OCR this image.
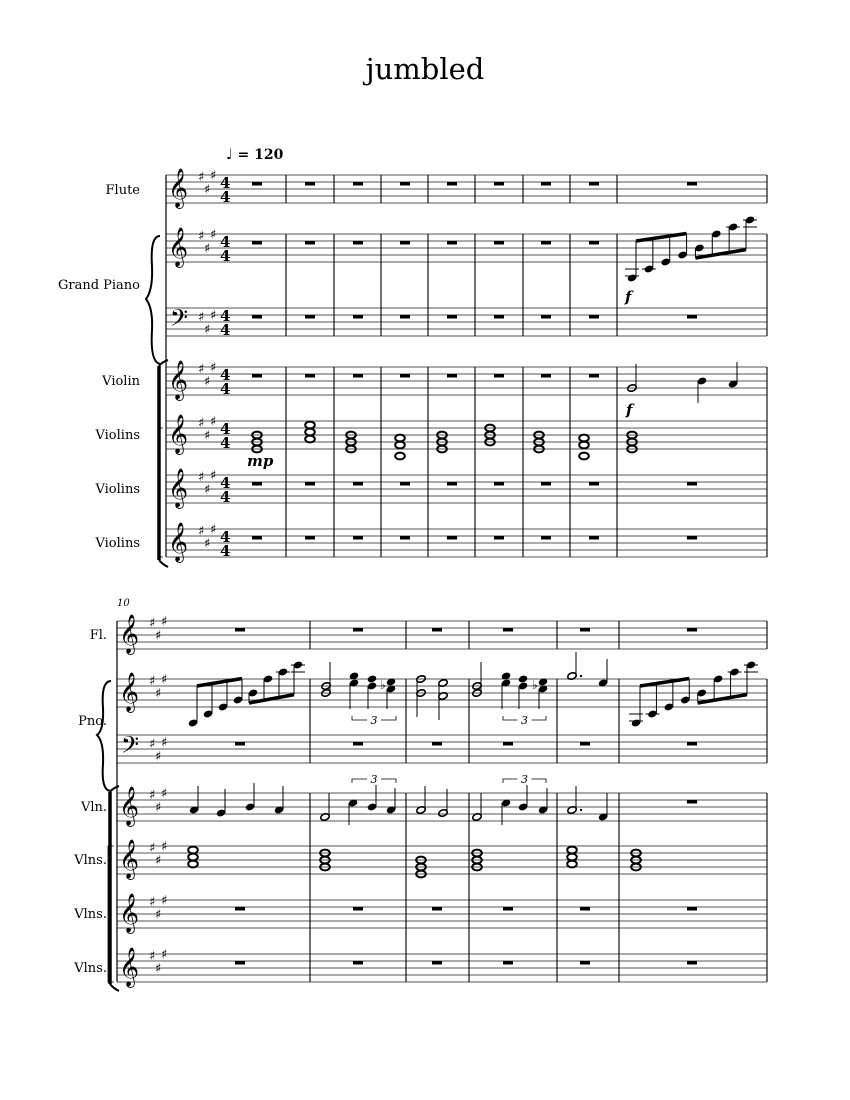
jumbled
♩ = 120
Flute
Grand Piano
Violin
Violins
Violins
Violins
10
Fl.
Pno.
Vln.
Vlns.
Vlns.
Vlns.
𝄞 ♯
♯
♯ 4
4
𝄞 ♯
♯
♯ 4
4
𝄢 ♯
♯
♯ 4
4
𝄞 ♯
♯
♯ 4
4
𝄞 ♯
♯
♯ 4
4
𝄞 ♯
♯
♯ 4
4
𝄞 ♯
♯
♯ 4
4
f
f
mp
𝄞 ♯
♯
♯
𝄞 ♯
♯
♯
𝄢 ♯
♯
♯
𝄞 ♯
♯
♯
𝄞 ♯
♯
♯
𝄞 ♯
♯
♯
𝄞 ♯
♯
♯
♭
3
♭
3
3	3
